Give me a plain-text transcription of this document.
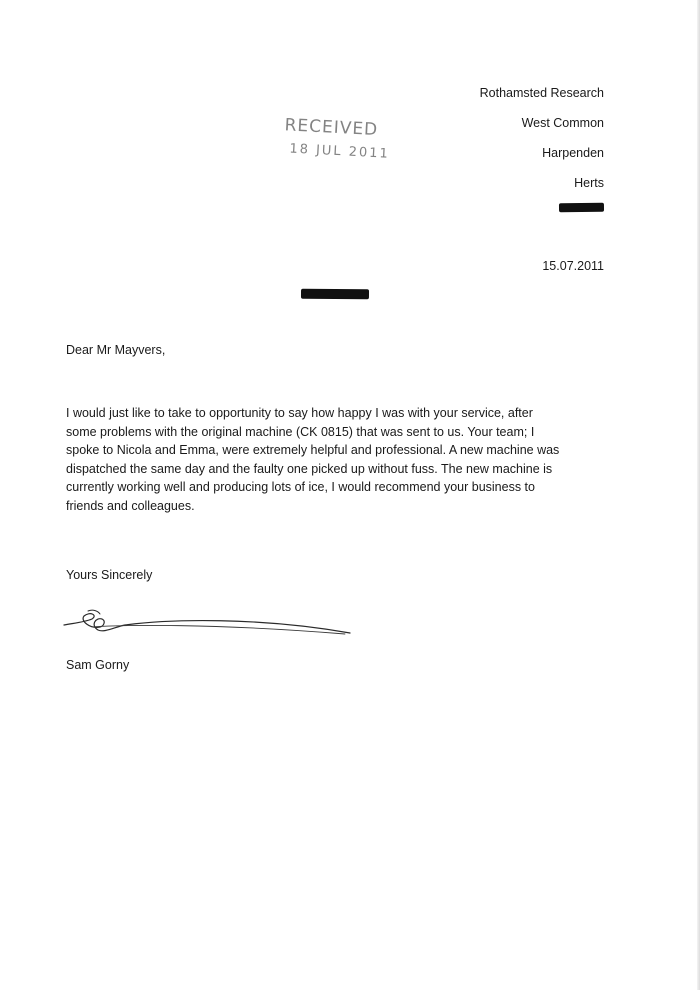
Rothamsted Research
West Common
Harpenden
Herts
RECEIVED
18 JUL 2011
15.07.2011
Dear Mr Mayvers,
I would just like to take to opportunity to say how happy I was with your service, after some problems with the original machine (CK 0815) that was sent to us. Your team; I spoke to Nicola and Emma, were extremely helpful and professional. A new machine was dispatched the same day and the faulty one picked up without fuss. The new machine is currently working well and producing lots of ice, I would recommend your business to friends and colleagues.
Yours Sincerely
Sam Gorny
